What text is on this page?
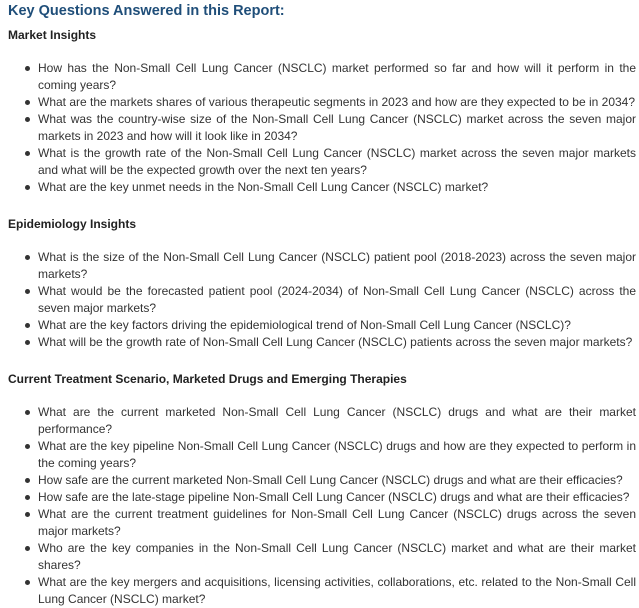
Key Questions Answered in this Report:
Market Insights
How has the Non-Small Cell Lung Cancer (NSCLC) market performed so far and how will it perform in the coming years?
What are the markets shares of various therapeutic segments in 2023 and how are they expected to be in 2034?
What was the country-wise size of the Non-Small Cell Lung Cancer (NSCLC) market across the seven major markets in 2023 and how will it look like in 2034?
What is the growth rate of the Non-Small Cell Lung Cancer (NSCLC) market across the seven major markets and what will be the expected growth over the next ten years?
What are the key unmet needs in the Non-Small Cell Lung Cancer (NSCLC) market?
Epidemiology Insights
What is the size of the Non-Small Cell Lung Cancer (NSCLC) patient pool (2018-2023) across the seven major markets?
What would be the forecasted patient pool (2024-2034) of Non-Small Cell Lung Cancer (NSCLC) across the seven major markets?
What are the key factors driving the epidemiological trend of Non-Small Cell Lung Cancer (NSCLC)?
What will be the growth rate of Non-Small Cell Lung Cancer (NSCLC) patients across the seven major markets?
Current Treatment Scenario, Marketed Drugs and Emerging Therapies
What are the current marketed Non-Small Cell Lung Cancer (NSCLC) drugs and what are their market performance?
What are the key pipeline Non-Small Cell Lung Cancer (NSCLC) drugs and how are they expected to perform in the coming years?
How safe are the current marketed Non-Small Cell Lung Cancer (NSCLC) drugs and what are their efficacies?
How safe are the late-stage pipeline Non-Small Cell Lung Cancer (NSCLC) drugs and what are their efficacies?
What are the current treatment guidelines for Non-Small Cell Lung Cancer (NSCLC) drugs across the seven major markets?
Who are the key companies in the Non-Small Cell Lung Cancer (NSCLC) market and what are their market shares?
What are the key mergers and acquisitions, licensing activities, collaborations, etc. related to the Non-Small Cell Lung Cancer (NSCLC) market?
